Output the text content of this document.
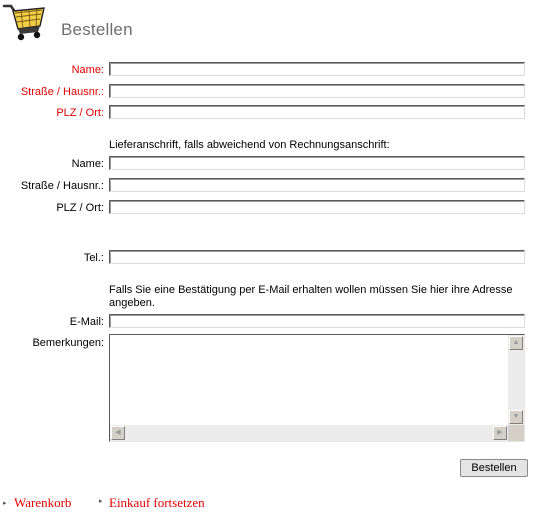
Bestellen
Name:
Straße / Hausnr.:
PLZ / Ort:
Lieferanschrift, falls abweichend von Rechnungsanschrift:
Name:
Straße / Hausnr.:
PLZ / Ort:
Tel.:
Falls Sie eine Bestätigung per E-Mail erhalten wollen müssen Sie hier ihre Adresse angeben.
E-Mail:
Bemerkungen:	▲
▼
◀	▶
Bestellen
▸ Warenkorb	▸ Einkauf fortsetzen
